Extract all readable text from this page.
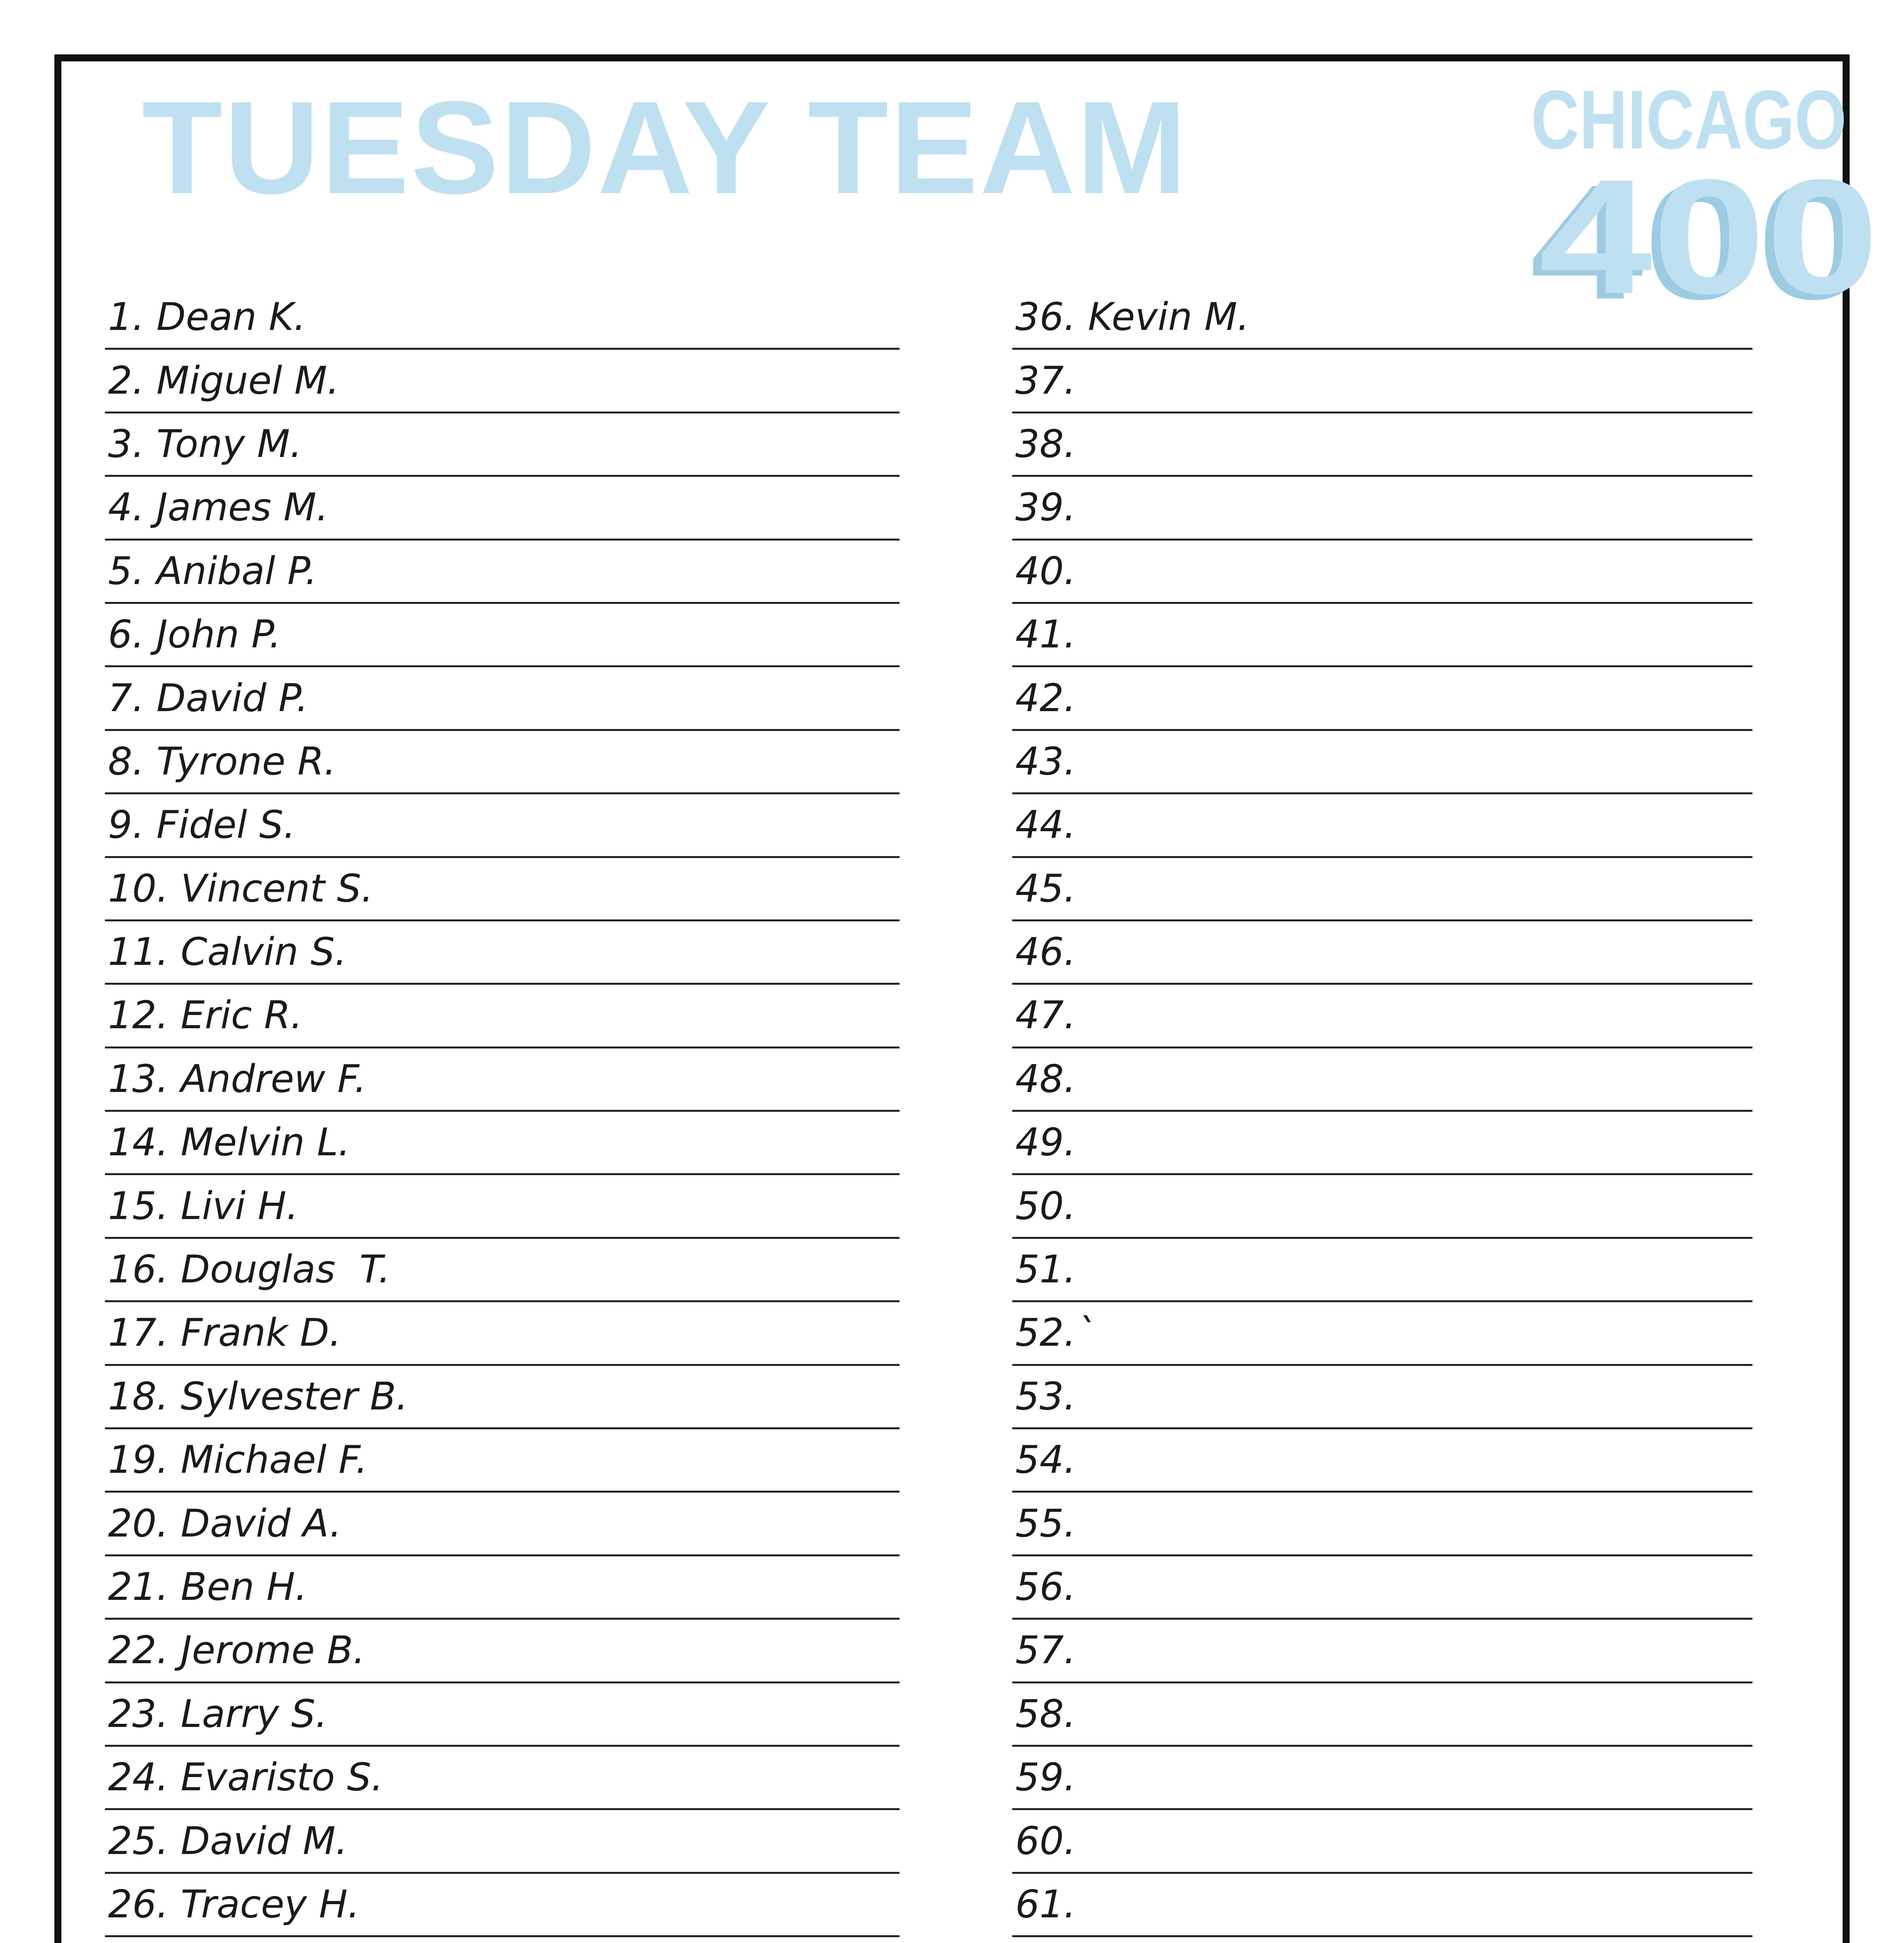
TUESDAY TEAM	CHICAGO
400
1. Dean K.
2. Miguel M.
3. Tony M.
4. James M.
5. Anibal P.
6. John P.
7. David P.
8. Tyrone R.
9. Fidel S.
10. Vincent S.
11. Calvin S.
12. Eric R.
13. Andrew F.
14. Melvin L.
15. Livi H.
16. Douglas  T.
17. Frank D.
18. Sylvester B.
19. Michael F.
20. David A.
21. Ben H.
22. Jerome B.
23. Larry S.
24. Evaristo S.
25. David M.
26. Tracey H.
36. Kevin M.
37.
38.
39.
40.
41.
42.
43.
44.
45.
46.
47.
48.
49.
50.
51.
52.`
53.
54.
55.
56.
57.
58.
59.
60.
61.
